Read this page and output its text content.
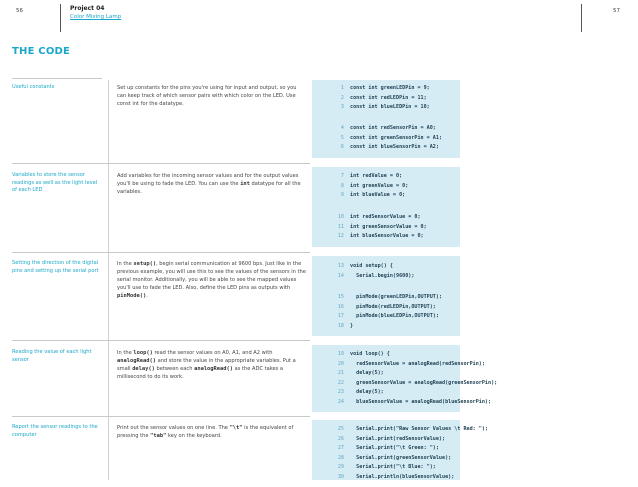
56	Project 04
Color Mixing Lamp
57
THE CODE
Useful constants
Variables to store the sensor readings as well as the light level of each LED
Setting the direction of the digital pins and setting up the serial port
Reading the value of each light sensor
Report the sensor readings to the computer
Set up constants for the pins you're using for input and output, so you can keep track of which sensor pairs with which color on the LED. Use const int for the datatype.
Add variables for the incoming sensor values and for the output values you'll be using to fade the LED. You can use the int datatype for all the variables.
In the setup(), begin serial communication at 9600 bps. Just like in the previous example, you will use this to see the values of the sensors in the serial monitor. Additionally, you will be able to see the mapped values you'll use to fade the LED. Also, define the LED pins as outputs with pinMode().
In the loop() read the sensor values on A0, A1, and A2 with analogRead() and store the value in the appropriate variables. Put a small delay() between each analogRead() as the ADC takes a millisecond to do its work.
Print out the sensor values on one line. The "\t" is the equivalent of pressing the "tab" key on the keyboard.
1 const int greenLEDPin = 9;
2 const int redLEDPin = 11;
3 const int blueLEDPin = 10;
4 const int redSensorPin = A0;
5 const int greenSensorPin = A1;
6 const int blueSensorPin = A2;
7 int redValue = 0;
8 int greenValue = 0;
9 int blueValue = 0;
10 int redSensorValue = 0;
11 int greenSensorValue = 0;
12 int blueSensorValue = 0;
13 void setup() {
14  Serial.begin(9600);
15  pinMode(greenLEDPin,OUTPUT);
16  pinMode(redLEDPin,OUTPUT);
17  pinMode(blueLEDPin,OUTPUT);
18 }
19 void loop() {
20  redSensorValue = analogRead(redSensorPin);
21  delay(5);
22  greenSensorValue = analogRead(greenSensorPin);
23  delay(5);
24  blueSensorValue = analogRead(blueSensorPin);
25  Serial.print("Raw Sensor Values \t Red: ");
26  Serial.print(redSensorValue);
27  Serial.print("\t Green: ");
28  Serial.print(greenSensorValue);
29  Serial.print("\t Blue: ");
30  Serial.println(blueSensorValue);
